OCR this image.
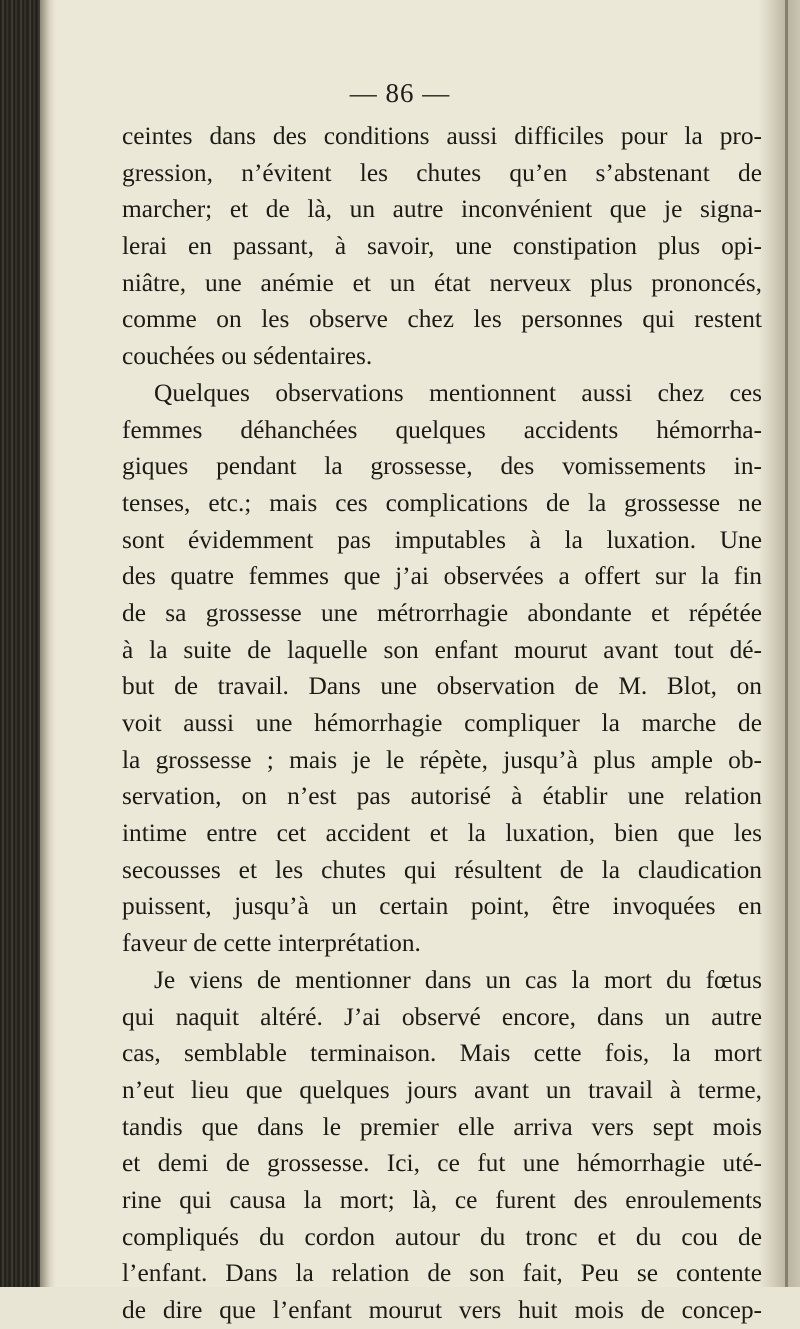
— 86 —
ceintes dans des conditions aussi difficiles pour la pro-
gression, n’évitent les chutes qu’en s’abstenant de
marcher; et de là, un autre inconvénient que je signa-
lerai en passant, à savoir, une constipation plus opi-
niâtre, une anémie et un état nerveux plus prononcés,
comme on les observe chez les personnes qui restent
couchées ou sédentaires.
Quelques observations mentionnent aussi chez ces
femmes déhanchées quelques accidents hémorrha-
giques pendant la grossesse, des vomissements in-
tenses, etc.; mais ces complications de la grossesse ne
sont évidemment pas imputables à la luxation. Une
des quatre femmes que j’ai observées a offert sur la fin
de sa grossesse une métrorrhagie abondante et répétée
à la suite de laquelle son enfant mourut avant tout dé-
but de travail. Dans une observation de M. Blot, on
voit aussi une hémorrhagie compliquer la marche de
la grossesse ; mais je le répète, jusqu’à plus ample ob-
servation, on n’est pas autorisé à établir une relation
intime entre cet accident et la luxation, bien que les
secousses et les chutes qui résultent de la claudication
puissent, jusqu’à un certain point, être invoquées en
faveur de cette interprétation.
Je viens de mentionner dans un cas la mort du fœtus
qui naquit altéré. J’ai observé encore, dans un autre
cas, semblable terminaison. Mais cette fois, la mort
n’eut lieu que quelques jours avant un travail à terme,
tandis que dans le premier elle arriva vers sept mois
et demi de grossesse. Ici, ce fut une hémorrhagie uté-
rine qui causa la mort; là, ce furent des enroulements
compliqués du cordon autour du tronc et du cou de
l’enfant. Dans la relation de son fait, Peu se contente
de dire que l’enfant mourut vers huit mois de concep-
